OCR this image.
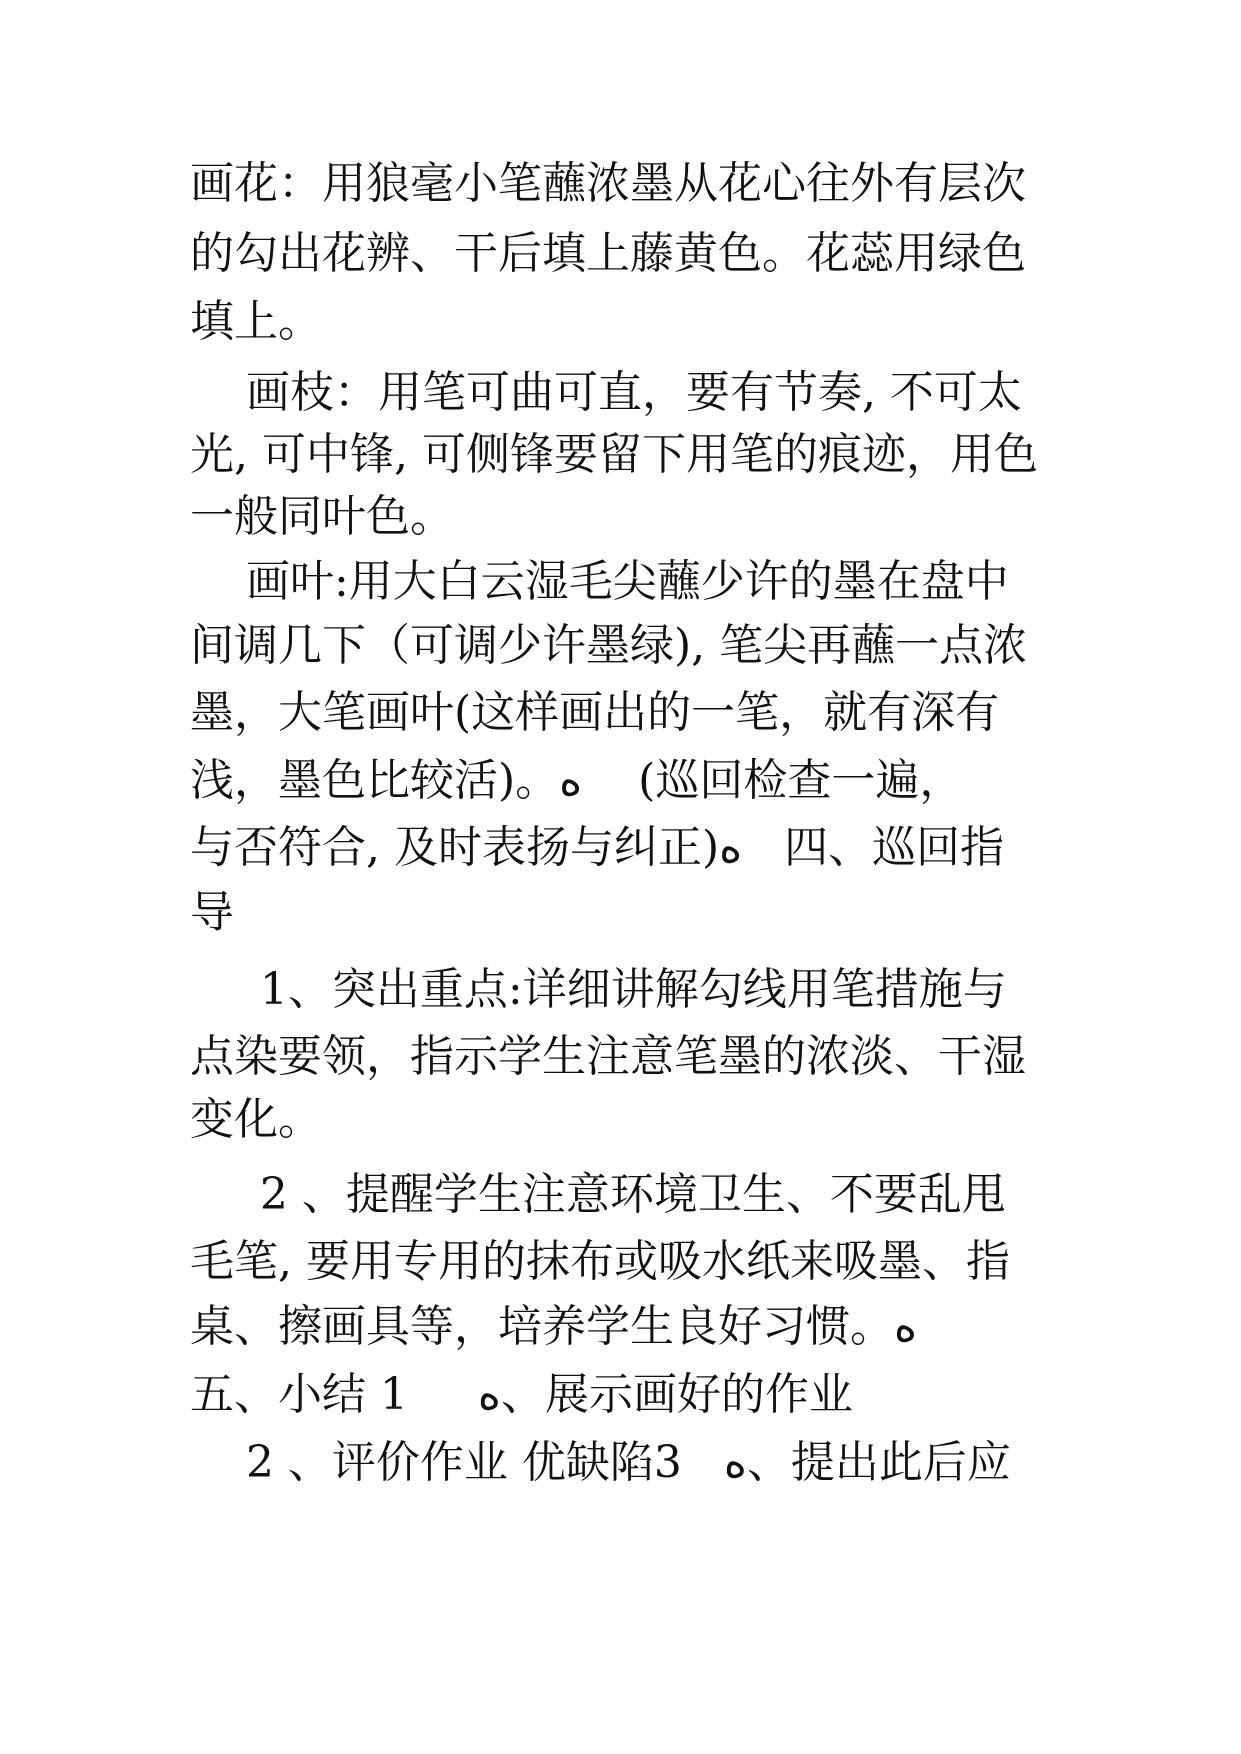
画花：用狼毫小笔蘸浓墨从花心往外有层次
的勾出花辨、干后填上藤黄色。花蕊用绿色
填上。
画枝：用笔可曲可直，要有节奏, 不可太
光, 可中锋, 可侧锋要留下用笔的痕迹，用色
一般同叶色。
画叶:用大白云湿毛尖蘸少许的墨在盘中
间调几下（可调少许墨绿), 笔尖再蘸一点浓
墨，大笔画叶(这样画出的一笔，就有深有
浅，墨色比较活)。ﻩ    (巡回检查一遍，
与否符合, 及时表扬与纠正)ﻩ   四、巡回指
导
1、突出重点:详细讲解勾线用笔措施与
点染要领，指示学生注意笔墨的浓淡、干湿
变化。
2 、提醒学生注意环境卫生、不要乱甩
毛笔, 要用专用的抹布或吸水纸来吸墨、指
桌、擦画具等，培养学生良好习惯。ﻩ
五、小结 1     ﻩ、展示画好的作业
2 、评价作业 优缺陷3   ﻩ、提出此后应
